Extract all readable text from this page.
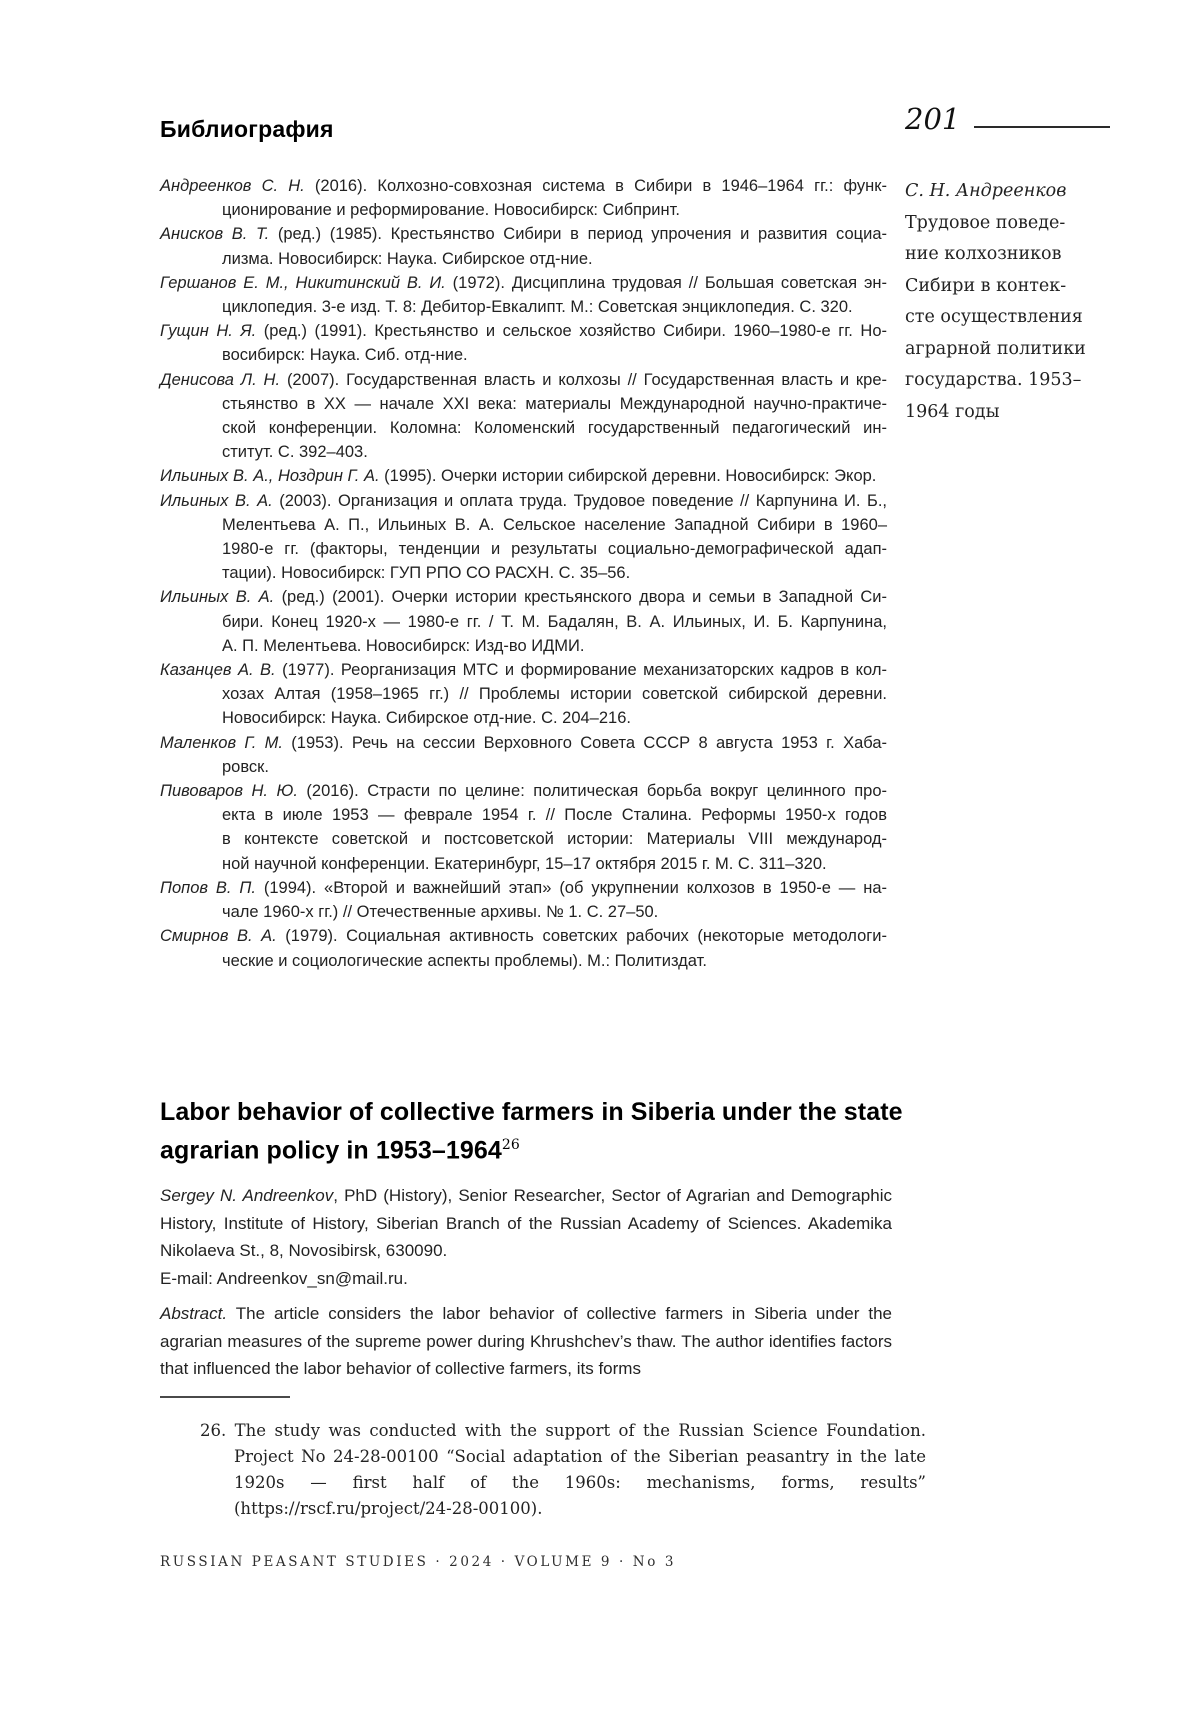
Библиография	201
Андреенков С. Н. (2016). Колхозно-совхозная система в Сибири в 1946–1964 гг.: функ-
ционирование и реформирование. Новосибирск: Сибпринт.
Анисков В. Т. (ред.) (1985). Крестьянство Сибири в период упрочения и развития социа-
лизма. Новосибирск: Наука. Сибирское отд-ние.
Гершанов Е. М., Никитинский В. И. (1972). Дисциплина трудовая // Большая советская эн-
циклопедия. 3-е изд. Т. 8: Дебитор-Евкалипт. М.: Советская энциклопедия. С. 320.
Гущин Н. Я. (ред.) (1991). Крестьянство и сельское хозяйство Сибири. 1960–1980-е гг. Но-
восибирск: Наука. Сиб. отд-ние.
Денисова Л. Н. (2007). Государственная власть и колхозы // Государственная власть и кре-
стьянство в XX — начале XXI века: материалы Международной научно-практиче-
ской конференции. Коломна: Коломенский государственный педагогический ин-
ститут. С. 392–403.
Ильиных В. А., Ноздрин Г. А. (1995). Очерки истории сибирской деревни. Новосибирск: Экор.
Ильиных В. А. (2003). Организация и оплата труда. Трудовое поведение // Карпунина И. Б.,
Мелентьева А. П., Ильиных В. А. Сельское население Западной Сибири в 1960–
1980-е гг. (факторы, тенденции и результаты социально-демографической адап-
тации). Новосибирск: ГУП РПО СО РАСХН. С. 35–56.
Ильиных В. А. (ред.) (2001). Очерки истории крестьянского двора и семьи в Западной Си-
бири. Конец 1920-х — 1980-е гг. / Т. М. Бадалян, В. А. Ильиных, И. Б. Карпунина,
А. П. Мелентьева. Новосибирск: Изд-во ИДМИ.
Казанцев А. В. (1977). Реорганизация МТС и формирование механизаторских кадров в кол-
хозах Алтая (1958–1965 гг.) // Проблемы истории советской сибирской деревни.
Новосибирск: Наука. Сибирское отд-ние. С. 204–216.
Маленков Г. М. (1953). Речь на сессии Верховного Совета СССР 8 августа 1953 г. Хаба-
ровск.
Пивоваров Н. Ю. (2016). Страсти по целине: политическая борьба вокруг целинного про-
екта в июле 1953 — феврале 1954 г. // После Сталина. Реформы 1950-х годов
в контексте советской и постсоветской истории: Материалы VIII международ-
ной научной конференции. Екатеринбург, 15–17 октября 2015 г. М. С. 311–320.
Попов В. П. (1994). «Второй и важнейший этап» (об укрупнении колхозов в 1950-е — на-
чале 1960-х гг.) // Отечественные архивы. № 1. С. 27–50.
Смирнов В. А. (1979). Социальная активность советских рабочих (некоторые методологи-
ческие и социологические аспекты проблемы). М.: Политиздат.
С. Н. Андреенков
Трудовое поведе-
ние колхозников
Сибири в контек-
сте осуществления
аграрной политики
государства. 1953–
1964 годы
Labor behavior of collective farmers in Siberia under the state agrarian policy in 1953–1964$^{26}$
Sergey N. Andreenkov, PhD (History), Senior Researcher, Sector of Agrarian and Demographic History, Institute of History, Siberian Branch of the Russian Academy of Sciences. Akademika Nikolaeva St., 8, Novosibirsk, 630090.
E-mail: Andreenkov_sn@mail.ru.
Abstract. The article considers the labor behavior of collective farmers in Siberia under the agrarian measures of the supreme power during Khrushchev’s thaw. The author identifies factors that influenced the labor behavior of collective farmers, its forms
26. The study was conducted with the support of the Russian Science Foundation. Project No 24-28-00100 “Social adaptation of the Siberian peasantry in the late 1920s — first half of the 1960s: mechanisms, forms, results” (https://rscf.ru/project/24-28-00100).
RUSSIAN PEASANT STUDIES · 2024 · VOLUME 9 · No 3
